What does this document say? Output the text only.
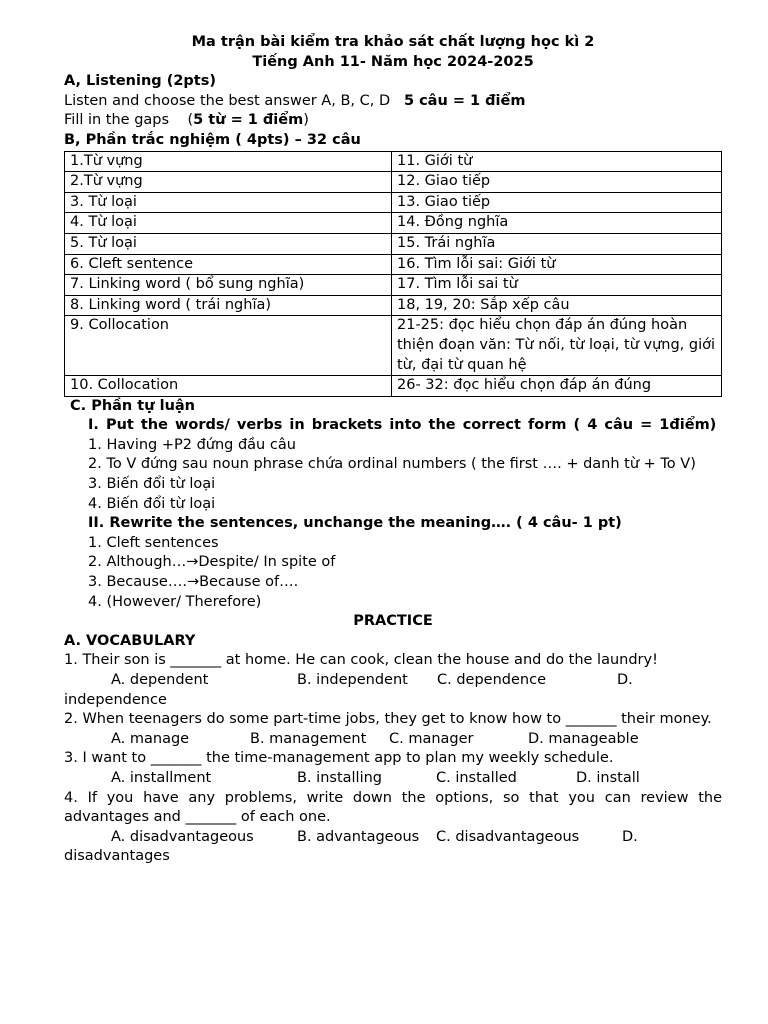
Ma trận bài kiểm tra khảo sát chất lượng học kì 2
Tiếng Anh 11- Năm học 2024-2025
A, Listening (2pts)
Listen and choose the best answer A, B, C, D 5 câu = 1 điểm
Fill in the gaps    (5 từ = 1 điểm)
B, Phần trắc nghiệm ( 4pts) – 32 câu
1.Từ vựng	11. Giới từ
2.Từ vựng	12. Giao tiếp
3. Từ loại	13. Giao tiếp
4. Từ loại	14. Đồng nghĩa
5. Từ loại	15. Trái nghĩa
6. Cleft sentence	16. Tìm lỗi sai: Giới từ
7. Linking word ( bổ sung nghĩa)	17. Tìm lỗi sai từ
8. Linking word ( trái nghĩa)	18, 19, 20: Sắp xếp câu
9. Collocation	21-25: đọc hiểu chọn đáp án đúng hoàn thiện đoạn văn: Từ nối, từ loại, từ vựng, giới từ, đại từ quan hệ
10. Collocation	26- 32: đọc hiểu chọn đáp án đúng
C. Phần tự luận
I. Put the words/ verbs in brackets into the correct form ( 4 câu = 1điểm)
1. Having +P2 đứng đầu câu
2. To V đứng sau noun phrase chứa ordinal numbers ( the first …. + danh từ + To V)
3. Biến đổi từ loại
4. Biến đổi từ loại
II. Rewrite the sentences, unchange the meaning…. ( 4 câu- 1 pt)
1. Cleft sentences
2. Although…→Despite/ In spite of
3. Because….→Because of….
4. (However/ Therefore)
PRACTICE
A. VOCABULARY
1. Their son is _______ at home. He can cook, clean the house and do the laundry!
A. dependent	B. independent	C. dependence	D.
independence
2. When teenagers do some part-time jobs, they get to know how to _______ their money.
A. manage	B. management	C. manager	D. manageable
3. I want to _______ the time-management app to plan my weekly schedule.
A. installment	B. installing	C. installed	D. install
4. If you have any problems, write down the options, so that you can review the advantages and _______ of each one.
A. disadvantageous	B. advantageous	C. disadvantageous	D.
disadvantages
